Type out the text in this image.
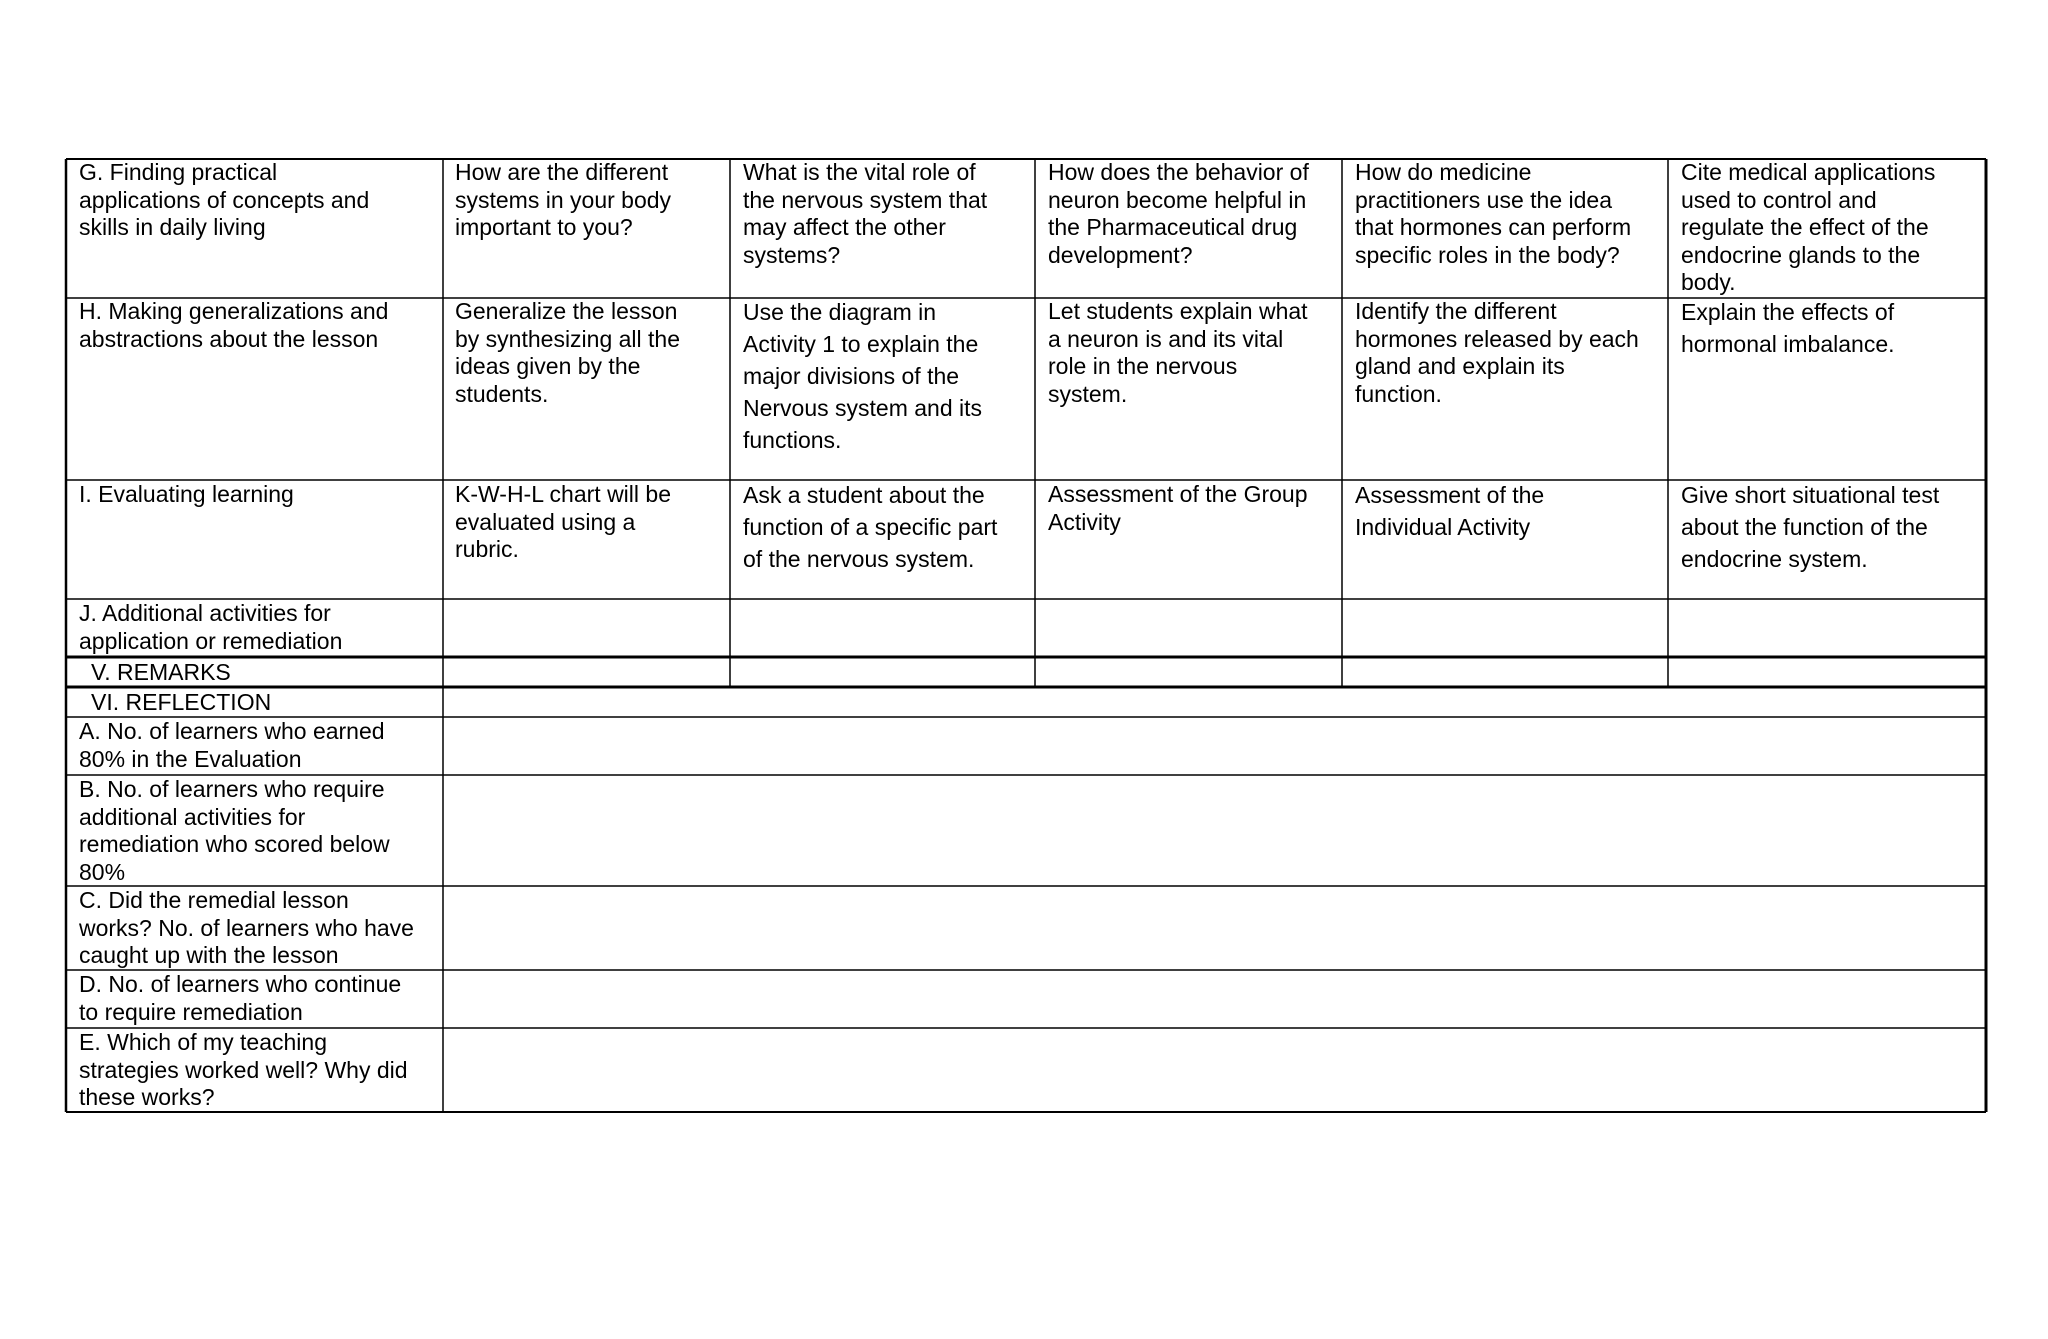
G. Finding practical
applications of concepts and
skills in daily living
How are the different
systems in your body
important to you?
What is the vital role of
the nervous system that
may affect the other
systems?
How does the behavior of
neuron become helpful in
the Pharmaceutical drug
development?
How do medicine
practitioners use the idea
that hormones can perform
specific roles in the body?
Cite medical applications
used to control and
regulate the effect of the
endocrine glands to the
body.
H. Making generalizations and
abstractions about the lesson
Generalize the lesson
by synthesizing all the
ideas given by the
students.
Use the diagram in
Activity 1 to explain the
major divisions of the
Nervous system and its
functions.
Let students explain what
a neuron is and its vital
role in the nervous
system.
Identify the different
hormones released by each
gland and explain its
function.
Explain the effects of
hormonal imbalance.
I. Evaluating learning	K-W-H-L chart will be
evaluated using a
rubric.
Ask a student about the
function of a specific part
of the nervous system.
Assessment of the Group
Activity
Assessment of the
Individual Activity
Give short situational test
about the function of the
endocrine system.
J. Additional activities for
application or remediation
V. REMARKS
VI. REFLECTION
A. No. of learners who earned
80% in the Evaluation
B. No. of learners who require
additional activities for
remediation who scored below
80%
C. Did the remedial lesson
works? No. of learners who have
caught up with the lesson
D. No. of learners who continue
to require remediation
E. Which of my teaching
strategies worked well? Why did
these works?
